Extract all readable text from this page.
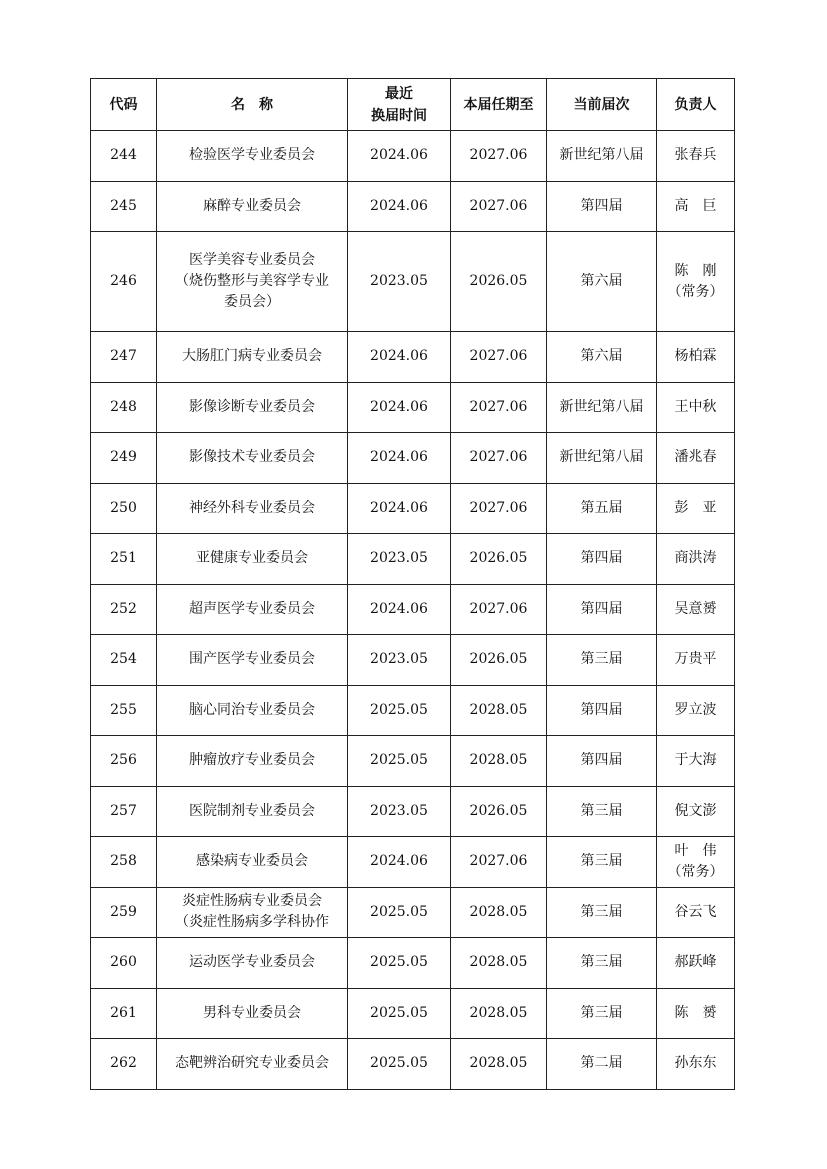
代码	名　称	最近
换届时间	本届任期至	当前届次	负责人
244	检验医学专业委员会	2024.06	2027.06	新世纪第八届	张春兵

245	麻醉专业委员会	2024.06	2027.06	第四届	高　巨

246	医学美容专业委员会
（烧伤整形与美容学专业
委员会）	2023.05	2026.05	第六届	陈　刚
（常务）

247	大肠肛门病专业委员会	2024.06	2027.06	第六届	杨柏霖

248	影像诊断专业委员会	2024.06	2027.06	新世纪第八届	王中秋

249	影像技术专业委员会	2024.06	2027.06	新世纪第八届	潘兆春

250	神经外科专业委员会	2024.06	2027.06	第五届	彭　亚

251	亚健康专业委员会	2023.05	2026.05	第四届	商洪涛

252	超声医学专业委员会	2024.06	2027.06	第四届	吴意赟

254	围产医学专业委员会	2023.05	2026.05	第三届	万贵平

255	脑心同治专业委员会	2025.05	2028.05	第四届	罗立波

256	肿瘤放疗专业委员会	2025.05	2028.05	第四届	于大海

257	医院制剂专业委员会	2023.05	2026.05	第三届	倪文澎

258	感染病专业委员会	2024.06	2027.06	第三届	叶　伟
（常务）

259	炎症性肠病专业委员会
（炎症性肠病多学科协作	2025.05	2028.05	第三届	谷云飞

260	运动医学专业委员会	2025.05	2028.05	第三届	郝跃峰

261	男科专业委员会	2025.05	2028.05	第三届	陈　赟

262	态靶辨治研究专业委员会	2025.05	2028.05	第二届	孙东东
